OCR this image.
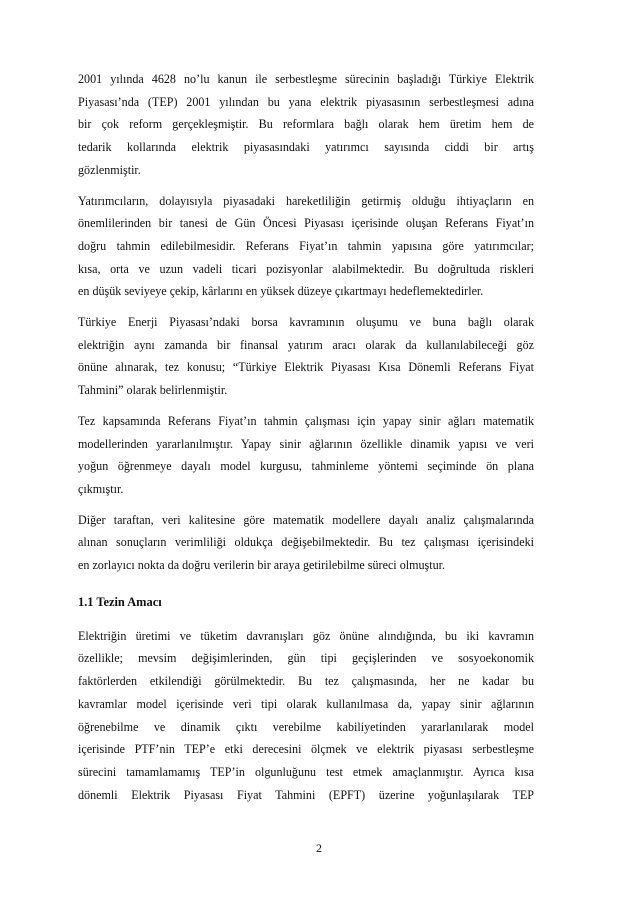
2001 yılında 4628 no’lu kanun ile serbestleşme sürecinin başladığı Türkiye Elektrik
Piyasası’nda (TEP) 2001 yılından bu yana elektrik piyasasının serbestleşmesi adına
bir çok reform gerçekleşmiştir. Bu reformlara bağlı olarak hem üretim hem de
tedarik kollarında elektrik piyasasındaki yatırımcı sayısında ciddi bir artış
gözlenmiştir.

Yatırımcıların, dolayısıyla piyasadaki hareketliliğin getirmiş olduğu ihtiyaçların en
önemlilerinden bir tanesi de Gün Öncesi Piyasası içerisinde oluşan Referans Fiyat’ın
doğru tahmin edilebilmesidir. Referans Fiyat’ın tahmin yapısına göre yatırımcılar;
kısa, orta ve uzun vadeli ticari pozisyonlar alabilmektedir. Bu doğrultuda riskleri
en düşük seviyeye çekip, kârlarını en yüksek düzeye çıkartmayı hedeflemektedirler.

Türkiye Enerji Piyasası’ndaki borsa kavramının oluşumu ve buna bağlı olarak
elektriğin aynı zamanda bir finansal yatırım aracı olarak da kullanılabileceği göz
önüne alınarak, tez konusu; “Türkiye Elektrik Piyasası Kısa Dönemli Referans Fiyat
Tahmini” olarak belirlenmiştir.

Tez kapsamında Referans Fiyat’ın tahmin çalışması için yapay sinir ağları matematik
modellerinden yararlanılmıştır. Yapay sinir ağlarının özellikle dinamik yapısı ve veri
yoğun öğrenmeye dayalı model kurgusu, tahminleme yöntemi seçiminde ön plana
çıkmıştır.

Diğer taraftan, veri kalitesine göre matematik modellere dayalı analiz çalışmalarında
alınan sonuçların verimliliği oldukça değişebilmektedir. Bu tez çalışması içerisindeki
en zorlayıcı nokta da doğru verilerin bir araya getirilebilme süreci olmuştur.

1.1 Tezin Amacı

Elektriğin üretimi ve tüketim davranışları göz önüne alındığında, bu iki kavramın
özellikle; mevsim değişimlerinden, gün tipi geçişlerinden ve sosyoekonomik
faktörlerden etkilendiği görülmektedir. Bu tez çalışmasında, her ne kadar bu
kavramlar model içerisinde veri tipi olarak kullanılmasa da, yapay sinir ağlarının
öğrenebilme ve dinamik çıktı verebilme kabiliyetinden yararlanılarak model
içerisinde PTF’nin TEP’e etki derecesini ölçmek ve elektrik piyasası serbestleşme
sürecini tamamlamamış TEP’in olgunluğunu test etmek amaçlanmıştır. Ayrıca kısa
dönemli Elektrik Piyasası Fiyat Tahmini (EPFT) üzerine yoğunlaşılarak TEP

2
